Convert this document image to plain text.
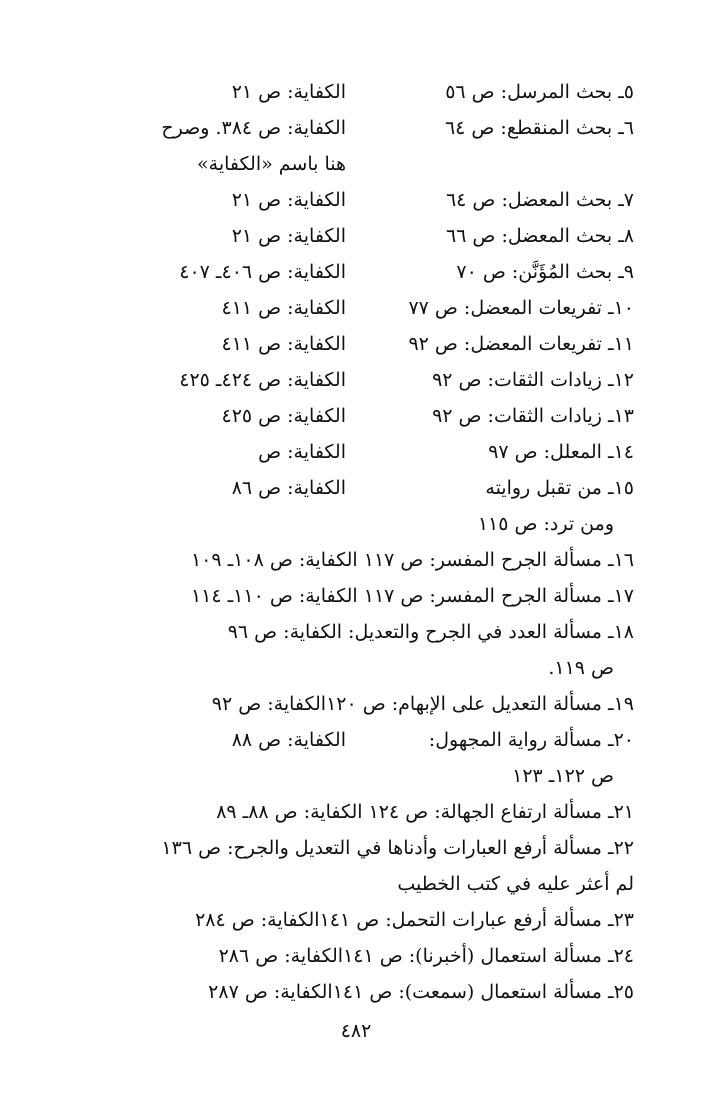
٥ـ بحث المرسل: ص ٥٦
الكفاية: ص ٢١
٦ـ بحث المنقطع: ص ٦٤
الكفاية: ص ٣٨٤. وصرح
هنا باسم «الكفاية»
٧ـ بحث المعضل: ص ٦٤
الكفاية: ص ٢١
٨ـ بحث المعضل: ص ٦٦
الكفاية: ص ٢١
٩ـ بحث المُؤَنَّن: ص ٧٠
الكفاية: ص ٤٠٦ـ ٤٠٧
١٠ـ تفريعات المعضل: ص ٧٧
الكفاية: ص ٤١١
١١ـ تفريعات المعضل: ص ٩٢
الكفاية: ص ٤١١
١٢ـ زيادات الثقات: ص ٩٢
الكفاية: ص ٤٢٤ـ ٤٢٥
١٣ـ زيادات الثقات: ص ٩٢
الكفاية: ص ٤٢٥
١٤ـ المعلل: ص ٩٧
الكفاية: ص
١٥ـ من تقبل روايته
الكفاية: ص ٨٦
ومن ترد: ص ١١٥
١٦ـ مسألة الجرح المفسر: ص ١١٧ الكفاية: ص ١٠٨ـ ١٠٩
١٧ـ مسألة الجرح المفسر: ص ١١٧ الكفاية: ص ١١٠ـ ١١٤
١٨ـ مسألة العدد في الجرح والتعديل: الكفاية: ص ٩٦
ص ١١٩.
١٩ـ مسألة التعديل على الإبهام: ص ١٢٠الكفاية: ص ٩٢
٢٠ـ مسألة رواية المجهول:
الكفاية: ص ٨٨
ص ١٢٢ـ ١٢٣
٢١ـ مسألة ارتفاع الجهالة: ص ١٢٤ الكفاية: ص ٨٨ـ ٨٩
٢٢ـ مسألة أرفع العبارات وأدناها في التعديل والجرح: ص ١٣٦
لم أعثر عليه في كتب الخطيب
٢٣ـ مسألة أرفع عبارات التحمل: ص ١٤١الكفاية: ص ٢٨٤
٢٤ـ مسألة استعمال (أخبرنا): ص ١٤١الكفاية: ص ٢٨٦
٢٥ـ مسألة استعمال (سمعت): ص ١٤١الكفاية: ص ٢٨٧
٤٨٢
